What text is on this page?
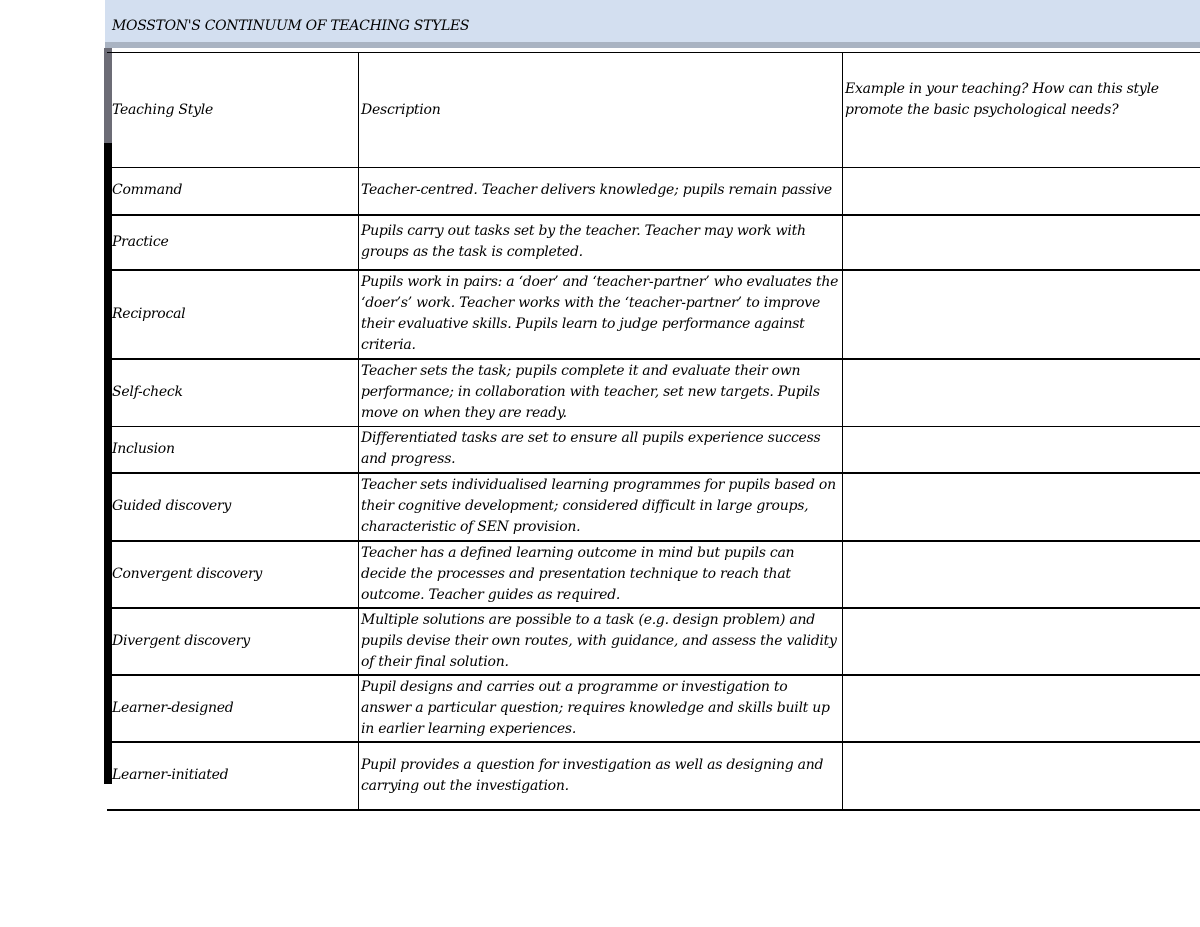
MOSSTON'S CONTINUUM OF TEACHING STYLES
Teaching Style	Description	Example in your teaching? How can this style promote the basic psychological needs?
Command	Teacher-centred. Teacher delivers knowledge; pupils remain passive	
Practice	Pupils carry out tasks set by the teacher. Teacher may work with groups as the task is completed.	
Reciprocal	Pupils work in pairs: a ‘doer’ and ‘teacher-partner’ who evaluates the ‘doer’s’ work. Teacher works with the ‘teacher-partner’ to improve their evaluative skills. Pupils learn to judge performance against criteria.	
Self-check	Teacher sets the task; pupils complete it and evaluate their own performance; in collaboration with teacher, set new targets. Pupils move on when they are ready.	
Inclusion	Differentiated tasks are set to ensure all pupils experience success and progress.	
Guided discovery	Teacher sets individualised learning programmes for pupils based on their cognitive development; considered difficult in large groups, characteristic of SEN provision.	
Convergent discovery	Teacher has a defined learning outcome in mind but pupils can decide the processes and presentation technique to reach that outcome. Teacher guides as required.	
Divergent discovery	Multiple solutions are possible to a task (e.g. design problem) and pupils devise their own routes, with guidance, and assess the validity of their final solution.	
Learner-designed	Pupil designs and carries out a programme or investigation to answer a particular question; requires knowledge and skills built up in earlier learning experiences.	
Learner-initiated	Pupil provides a question for investigation as well as designing and carrying out the investigation.	
